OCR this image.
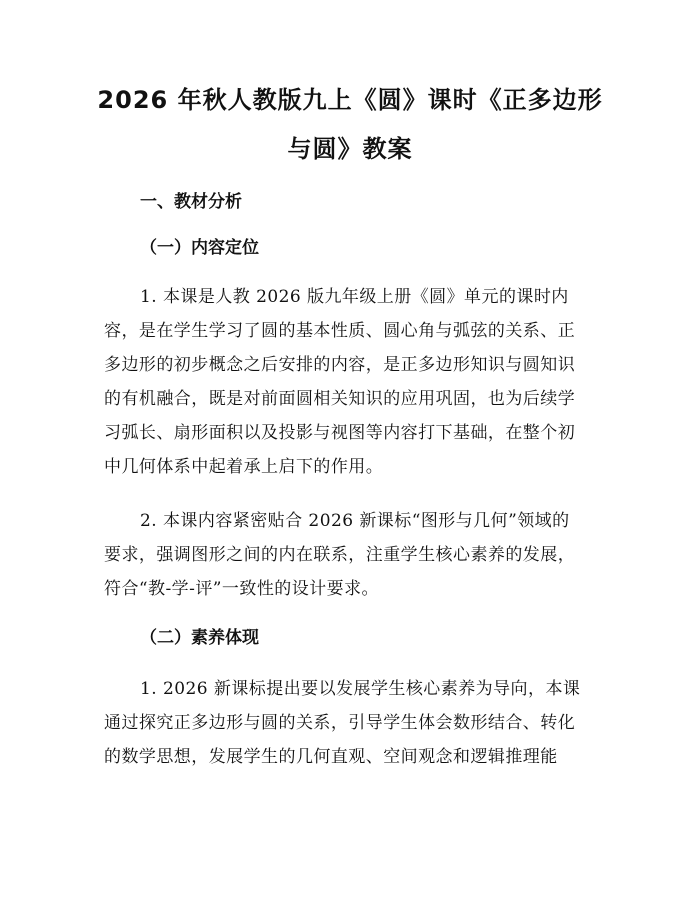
2026 年秋人教版九上《圆》课时《正多边形
与圆》教案
一、教材分析
（一）内容定位
1. 本课是人教 2026 版九年级上册《圆》单元的课时内
容，是在学生学习了圆的基本性质、圆心角与弧弦的关系、正
多边形的初步概念之后安排的内容，是正多边形知识与圆知识
的有机融合，既是对前面圆相关知识的应用巩固，也为后续学
习弧长、扇形面积以及投影与视图等内容打下基础，在整个初
中几何体系中起着承上启下的作用。
2. 本课内容紧密贴合 2026 新课标“图形与几何”领域的
要求，强调图形之间的内在联系，注重学生核心素养的发展，
符合“教-学-评”一致性的设计要求。
（二）素养体现
1. 2026 新课标提出要以发展学生核心素养为导向，本课
通过探究正多边形与圆的关系，引导学生体会数形结合、转化
的数学思想，发展学生的几何直观、空间观念和逻辑推理能
